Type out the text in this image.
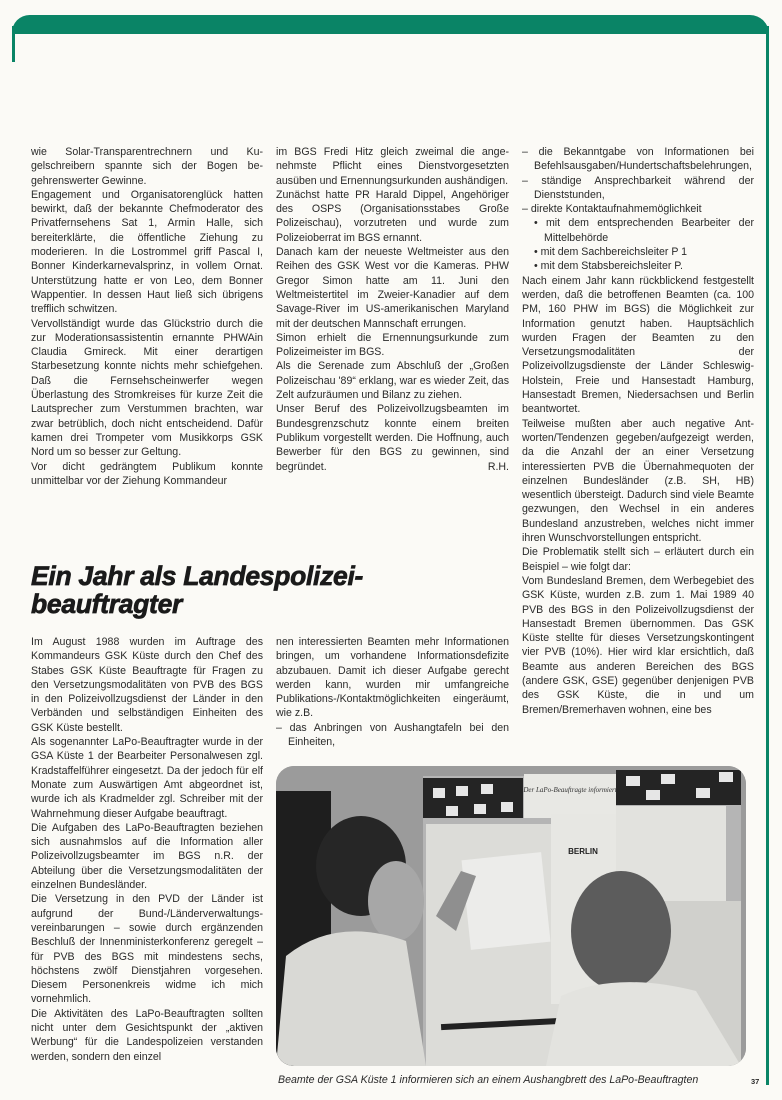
wie Solar-Transparentrechnern und Kugelschreibern spannte sich der Bogen begehrenswerter Gewinne.

Engagement und Organisatorenglück hatten bewirkt, daß der bekannte Chefmoderator des Privatfernsehens Sat 1, Armin Halle, sich bereiterklärte, die öffentliche Ziehung zu moderieren. In die Lostrommel griff Pascal I, Bonner Kinderkarnevalsprinz, in vollem Ornat. Unterstützung hatte er von Leo, dem Bonner Wappentier. In dessen Haut ließ sich übrigens trefflich schwitzen.

Vervollständigt wurde das Glückstrio durch die zur Moderationsassistentin ernannte PHWAin Claudia Gmireck. Mit einer derartigen Starbesetzung konnte nichts mehr schiefgehen. Daß die Fernsehscheinwerfer wegen Überlastung des Stromkreises für kurze Zeit die Lautsprecher zum Verstummen brachten, war zwar betrüblich, doch nicht entscheidend. Dafür kamen drei Trompeter vom Musikkorps GSK Nord um so besser zur Geltung.

Vor dicht gedrängtem Publikum konnte unmittelbar vor der Ziehung Kommandeur

im BGS Fredi Hitz gleich zweimal die angenehmste Pflicht eines Dienstvorgesetzten ausüben und Ernennungsurkunden aushändigen.

Zunächst hatte PR Harald Dippel, Angehöriger des OSPS (Organisationsstabes Große Polizeischau), vorzutreten und wurde zum Polizeioberrat im BGS ernannt.

Danach kam der neueste Weltmeister aus den Reihen des GSK West vor die Kameras. PHW Gregor Simon hatte am 11. Juni den Weltmeistertitel im Zweier-Kanadier auf dem Savage-River im US-amerikanischen Maryland mit der deutschen Mannschaft errungen.

Simon erhielt die Ernennungsurkunde zum Polizeimeister im BGS.

Als die Serenade zum Abschluß der „Großen Polizeischau '89“ erklang, war es wieder Zeit, das Zelt aufzuräumen und Bilanz zu ziehen.

Unser Beruf des Polizeivollzugsbeamten im Bundesgrenzschutz konnte einem breiten Publikum vorgestellt werden. Die Hoffnung, auch Bewerber für den BGS zu gewinnen, sind begründet.	R.H.

– die Bekanntgabe von Informationen bei Befehlsausgaben/Hundertschaftsbelehrungen,

– ständige Ansprechbarkeit während der Dienststunden,

– direkte Kontaktaufnahmemöglichkeit

• mit dem entsprechenden Bearbeiter der Mittelbehörde

• mit dem Sachbereichsleiter P 1

• mit dem Stabsbereichsleiter P.

Nach einem Jahr kann rückblickend festgestellt werden, daß die betroffenen Beamten (ca. 100 PM, 160 PHW im BGS) die Möglichkeit zur Information genutzt haben. Hauptsächlich wurden Fragen der Beamten zu den Versetzungsmodalitäten der Polizeivollzugsdienste der Länder Schleswig-Holstein, Freie und Hansestadt Hamburg, Hansestadt Bremen, Niedersachsen und Berlin beantwortet.

Teilweise mußten aber auch negative Antworten/Tendenzen gegeben/aufgezeigt werden, da die Anzahl der an einer Versetzung interessierten PVB die Übernahmequoten der einzelnen Bundesländer (z.B. SH, HB) wesentlich übersteigt. Dadurch sind viele Beamte gezwungen, den Wechsel in ein anderes Bundesland anzustreben, welches nicht immer ihren Wunschvorstellungen entspricht.

Die Problematik stellt sich – erläutert durch ein Beispiel – wie folgt dar:

Vom Bundesland Bremen, dem Werbegebiet des GSK Küste, wurden z.B. zum 1. Mai 1989 40 PVB des BGS in den Polizeivollzugsdienst der Hansestadt Bremen übernommen. Das GSK Küste stellte für dieses Versetzungskontingent vier PVB (10%). Hier wird klar ersichtlich, daß Beamte aus anderen Bereichen des BGS (andere GSK, GSE) gegenüber denjenigen PVB des GSK Küste, die in und um Bremen/Bremerhaven wohnen, eine bes

Ein Jahr als Landespolizei-
beauftragter

Im August 1988 wurden im Auftrage des Kommandeurs GSK Küste durch den Chef des Stabes GSK Küste Beauftragte für Fragen zu den Versetzungsmodalitäten von PVB des BGS in den Polizeivollzugsdienst der Länder in den Verbänden und selbständigen Einheiten des GSK Küste bestellt.

Als sogenannter LaPo-Beauftragter wurde in der GSA Küste 1 der Bearbeiter Personalwesen zgl. Kradstaffelführer eingesetzt. Da der jedoch für elf Monate zum Auswärtigen Amt abgeordnet ist, wurde ich als Kradmelder zgl. Schreiber mit der Wahrnehmung dieser Aufgabe beauftragt.

Die Aufgaben des LaPo-Beauftragten beziehen sich ausnahmslos auf die Information aller Polizeivollzugsbeamter im BGS n.R. der Abteilung über die Versetzungsmodalitäten der einzelnen Bundesländer.

Die Versetzung in den PVD der Länder ist aufgrund der Bund-/Länderverwaltungsvereinbarungen – sowie durch ergänzenden Beschluß der Innenministerkonferenz geregelt – für PVB des BGS mit mindestens sechs, höchstens zwölf Dienstjahren vorgesehen. Diesem Personenkreis widme ich mich vornehmlich.

Die Aktivitäten des LaPo-Beauftragten sollten nicht unter dem Gesichtspunkt der „aktiven Werbung“ für die Landespolizeien verstanden werden, sondern den einzel

nen interessierten Beamten mehr Informationen bringen, um vorhandene Informationsdefizite abzubauen. Damit ich dieser Aufgabe gerecht werden kann, wurden mir umfangreiche Publikations-/Kontaktmöglichkeiten eingeräumt, wie z.B.

– das Anbringen von Aushangtafeln bei den Einheiten,

Der LaPo-Beauftragte informiert
BERLIN
Beamte der GSA Küste 1 informieren sich an einem Aushangbrett des LaPo-Beauftragten	37
